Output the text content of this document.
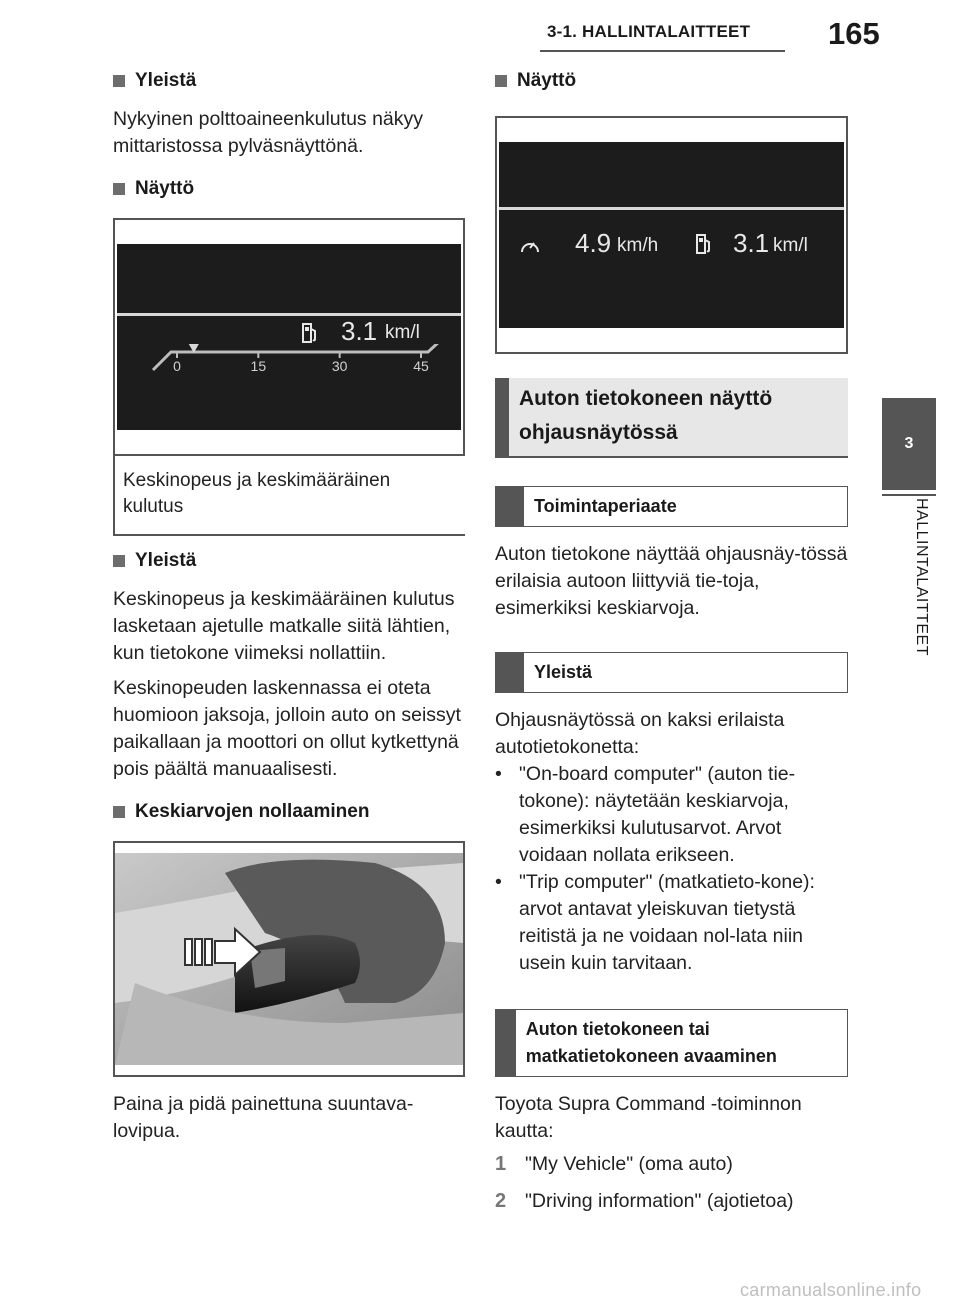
3-1. HALLINTALAITTEET	165
3
HALLINTALAITTEET
Yleistä
Nykyinen polttoaineenkulutus näkyy mittaristossa pylväsnäyttönä.
Näyttö
3.1 km/l
0	15	30	45
Keskinopeus ja keskimääräinen kulutus
Yleistä
Keskinopeus ja keskimääräinen kulutus lasketaan ajetulle matkalle siitä lähtien, kun tietokone viimeksi nollattiin.
Keskinopeuden laskennassa ei oteta huomioon jaksoja, jolloin auto on seissyt paikallaan ja moottori on ollut kytkettynä pois päältä manuaalisesti.
Keskiarvojen nollaaminen
Paina ja pidä painettuna suuntava-lovipua.
Näyttö
4.9 km/h	3.1 km/l
Auton tietokoneen näyttö ohjausnäytössä
Toimintaperiaate
Auton tietokone näyttää ohjausnäy-tössä erilaisia autoon liittyviä tie-toja, esimerkiksi keskiarvoja.
Yleistä
Ohjausnäytössä on kaksi erilaista autotietokonetta:
• "On-board computer" (auton tie-tokone): näytetään keskiarvoja, esimerkiksi kulutusarvot. Arvot voidaan nollata erikseen.
• "Trip computer" (matkatieto-kone): arvot antavat yleiskuvan tietystä reitistä ja ne voidaan nol-lata niin usein kuin tarvitaan.
Auton tietokoneen tai matkatietokoneen avaaminen
Toyota Supra Command -toiminnon kautta:
1 "My Vehicle" (oma auto)
2 "Driving information" (ajotietoa)
carmanualsonline.info
